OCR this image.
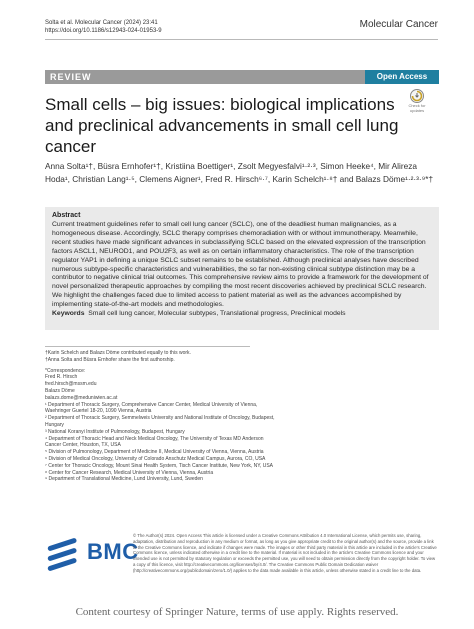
Solta et al. Molecular Cancer (2024) 23:41
https://doi.org/10.1186/s12943-024-01953-9
Molecular Cancer
REVIEW	Open Access
Check for
updates
Small cells – big issues: biological implications and preclinical advancements in small cell lung cancer
Anna Solta¹†, Büsra Ernhofer¹†, Kristiina Boettiger¹, Zsolt Megyesfalvi¹·²·³, Simon Heeke⁴, Mir Alireza Hoda¹, Christian Lang¹·⁵, Clemens Aigner¹, Fred R. Hirsch⁶·⁷, Karin Schelch¹·⁸† and Balazs Döme¹·²·³·⁹*†
Abstract
Current treatment guidelines refer to small cell lung cancer (SCLC), one of the deadliest human malignancies, as a homogeneous disease. Accordingly, SCLC therapy comprises chemoradiation with or without immunotherapy. Meanwhile, recent studies have made significant advances in subclassifying SCLC based on the elevated expression of the transcription factors ASCL1, NEUROD1, and POU2F3, as well as on certain inflammatory characteristics. The role of the transcription regulator YAP1 in defining a unique SCLC subset remains to be established. Although preclinical analyses have described numerous subtype-specific characteristics and vulnerabilities, the so far non-existing clinical subtype distinction may be a contributor to negative clinical trial outcomes. This comprehensive review aims to provide a framework for the development of novel personalized therapeutic approaches by compiling the most recent discoveries achieved by preclinical SCLC research. We highlight the challenges faced due to limited access to patient material as well as the advances accomplished by implementing state-of-the-art models and methodologies.
Keywords Small cell lung cancer, Molecular subtypes, Translational progress, Preclinical models
†Karin Schelch and Balazs Döme contributed equally to this work.
†Anna Solta and Büsra Ernhofer share the first authorship.
*Correspondence:
Fred R. Hirsch
fred.hirsch@mssm.edu
Balazs Döme
balazs.dome@meduniwien.ac.at
¹ Department of Thoracic Surgery, Comprehensive Cancer Center, Medical University of Vienna, Waehringer Guertel 18-20, 1090 Vienna, Austria
² Department of Thoracic Surgery, Semmelweis University and National Institute of Oncology, Budapest, Hungary
³ National Koranyi Institute of Pulmonology, Budapest, Hungary
⁴ Department of Thoracic Head and Neck Medical Oncology, The University of Texas MD Anderson Cancer Center, Houston, TX, USA
⁵ Division of Pulmonology, Department of Medicine II, Medical University of Vienna, Vienna, Austria
⁶ Division of Medical Oncology, University of Colorado Anschutz Medical Campus, Aurora, CO, USA
⁷ Center for Thoracic Oncology, Mount Sinai Health System, Tisch Cancer Institute, New York, NY, USA
⁸ Center for Cancer Research, Medical University of Vienna, Vienna, Austria
⁹ Department of Translational Medicine, Lund University, Lund, Sweden
BMC
© The Author(s) 2024. Open Access This article is licensed under a Creative Commons Attribution 4.0 International License, which permits use, sharing, adaptation, distribution and reproduction in any medium or format, as long as you give appropriate credit to the original author(s) and the source, provide a link to the Creative Commons licence, and indicate if changes were made. The images or other third party material in this article are included in the article's Creative Commons licence, unless indicated otherwise in a credit line to the material. If material is not included in the article's Creative Commons licence and your intended use is not permitted by statutory regulation or exceeds the permitted use, you will need to obtain permission directly from the copyright holder. To view a copy of this licence, visit http://creativecommons.org/licenses/by/4.0/. The Creative Commons Public Domain Dedication waiver (http://creativecommons.org/publicdomain/zero/1.0/) applies to the data made available in this article, unless otherwise stated in a credit line to the data.
Content courtesy of Springer Nature, terms of use apply. Rights reserved.
